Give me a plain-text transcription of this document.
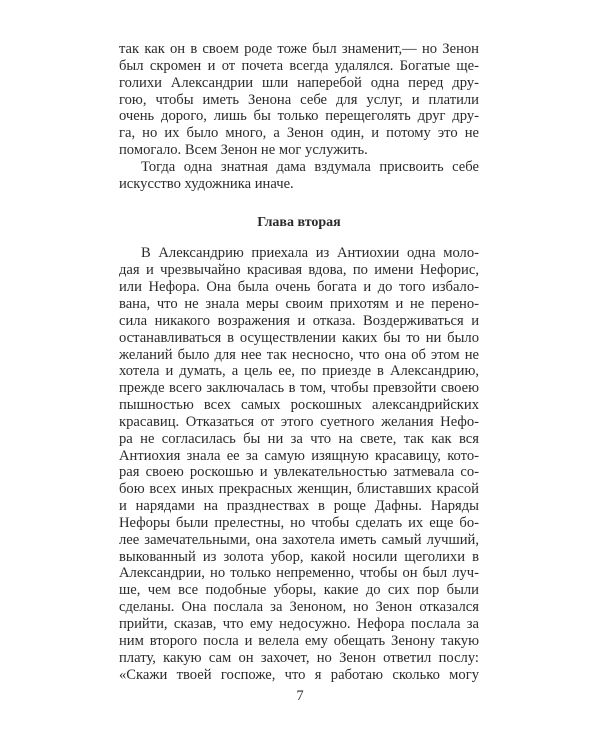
так как он в своем роде тоже был знаменит,— но Зенон
был скромен и от почета всегда удалялся. Богатые ще-
голихи Александрии шли наперебой одна перед дру-
гою, чтобы иметь Зенона себе для услуг, и платили
очень дорого, лишь бы только перещеголять друг дру-
га, но их было много, а Зенон один, и потому это не
помогало. Всем Зенон не мог услужить.
Тогда одна знатная дама вздумала присвоить себе
искусство художника иначе.
Глава вторая
В Александрию приехала из Антиохии одна моло-
дая и чрезвычайно красивая вдова, по имени Нефорис,
или Нефора. Она была очень богата и до того избало-
вана, что не знала меры своим прихотям и не перено-
сила никакого возражения и отказа. Воздерживаться и
останавливаться в осуществлении каких бы то ни было
желаний было для нее так несносно, что она об этом не
хотела и думать, а цель ее, по приезде в Александрию,
прежде всего заключалась в том, чтобы превзойти своею
пышностью всех самых роскошных александрийских
красавиц. Отказаться от этого суетного желания Нефо-
ра не согласилась бы ни за что на свете, так как вся
Антиохия знала ее за самую изящную красавицу, кото-
рая своею роскошью и увлекательностью затмевала со-
бою всех иных прекрасных женщин, блиставших красой
и нарядами на празднествах в роще Дафны. Наряды
Нефоры были прелестны, но чтобы сделать их еще бо-
лее замечательными, она захотела иметь самый лучший,
выкованный из золота убор, какой носили щеголихи в
Александрии, но только непременно, чтобы он был луч-
ше, чем все подобные уборы, какие до сих пор были
сделаны. Она послала за Зеноном, но Зенон отказался
прийти, сказав, что ему недосужно. Нефора послала за
ним второго посла и велела ему обещать Зенону такую
плату, какую сам он захочет, но Зенон ответил послу:
«Скажи твоей госпоже, что я работаю сколько могу
7
